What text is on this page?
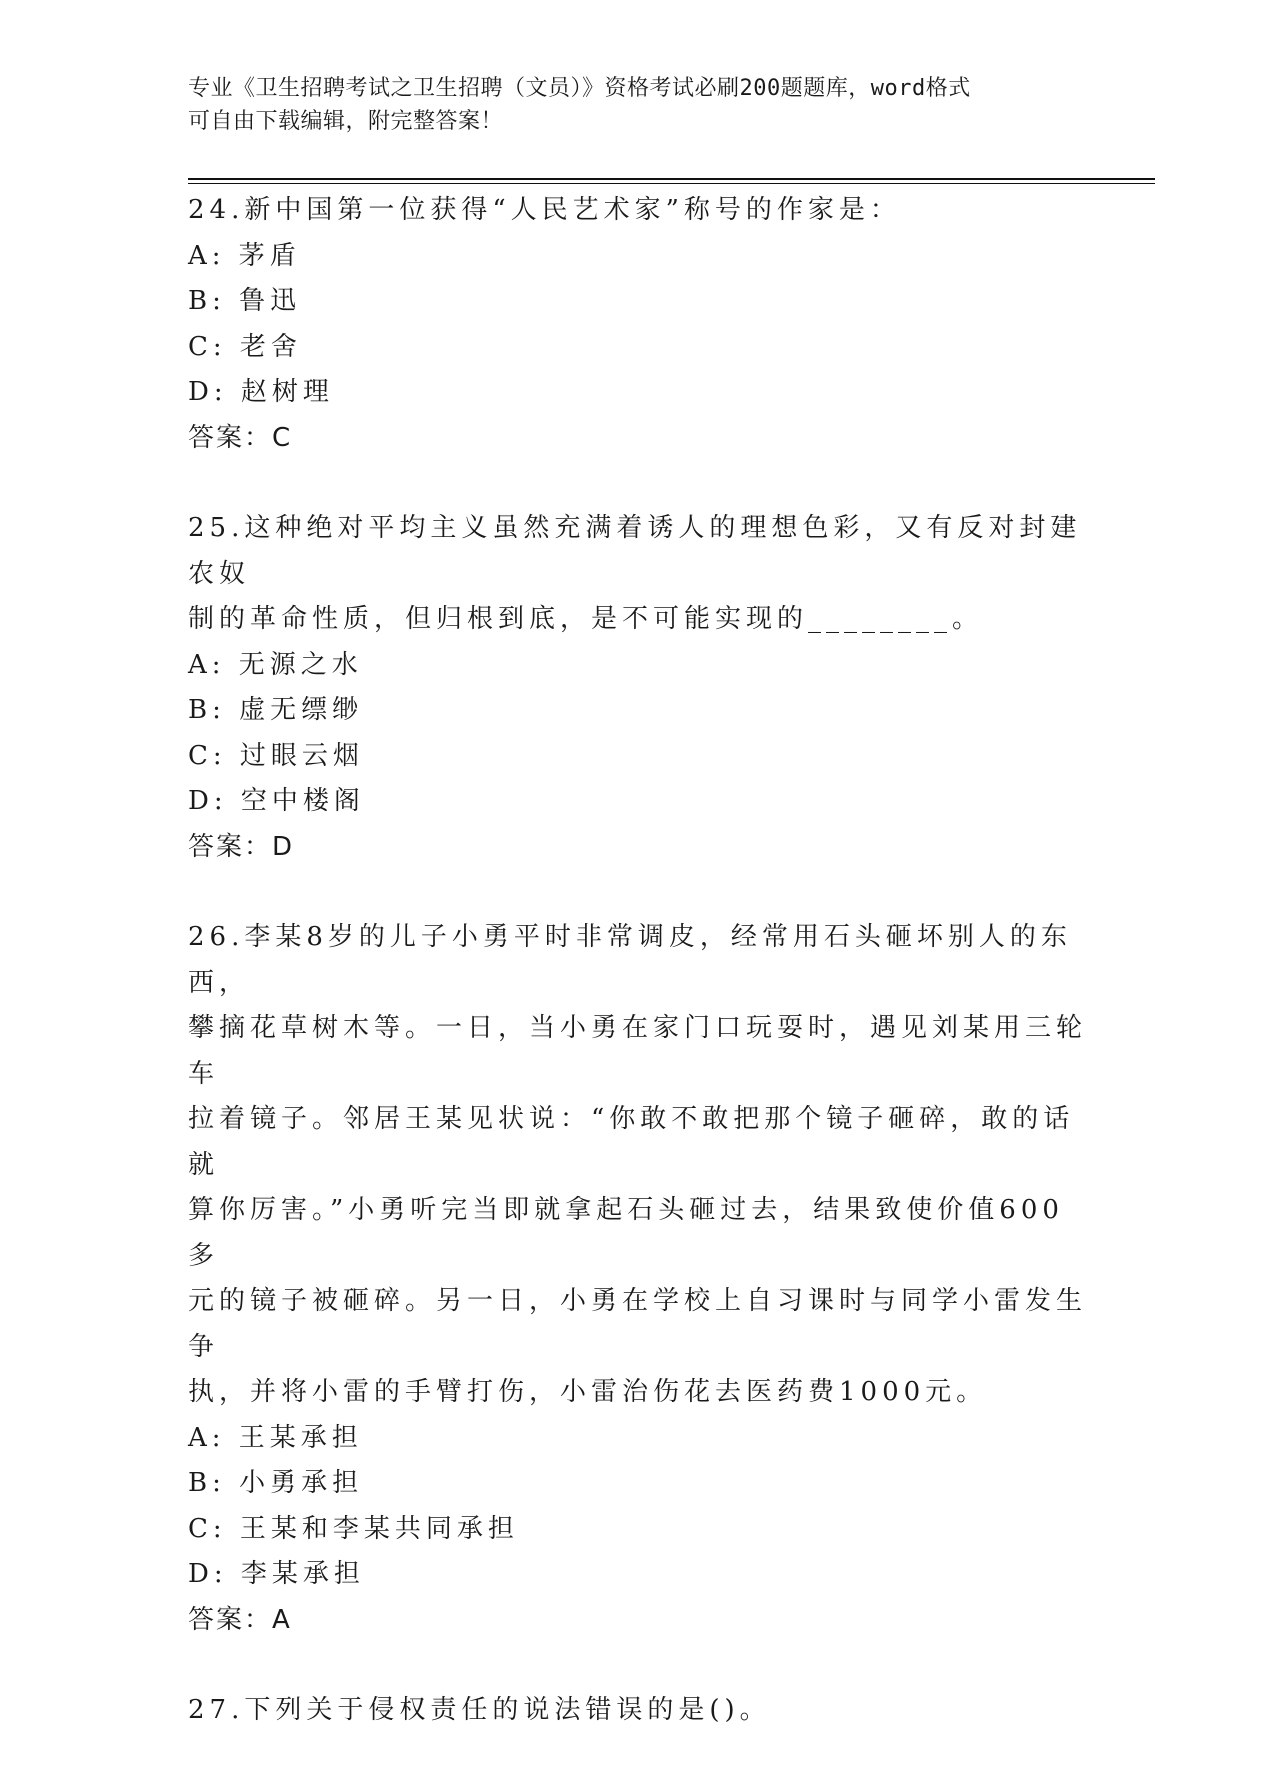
专业《卫生招聘考试之卫生招聘（文员）》资格考试必刷200题题库，word格式
可自由下载编辑，附完整答案！
24.新中国第一位获得“人民艺术家”称号的作家是：
A: 茅盾
B: 鲁迅
C: 老舍
D: 赵树理
答案：C
25.这种绝对平均主义虽然充满着诱人的理想色彩，又有反对封建农奴
制的革命性质，但归根到底，是不可能实现的________。
A: 无源之水
B: 虚无缥缈
C: 过眼云烟
D: 空中楼阁
答案：D
26.李某8岁的儿子小勇平时非常调皮，经常用石头砸坏别人的东西，
攀摘花草树木等。一日，当小勇在家门口玩耍时，遇见刘某用三轮车
拉着镜子。邻居王某见状说：“你敢不敢把那个镜子砸碎，敢的话就
算你厉害。”小勇听完当即就拿起石头砸过去，结果致使价值600多
元的镜子被砸碎。另一日，小勇在学校上自习课时与同学小雷发生争
执，并将小雷的手臂打伤，小雷治伤花去医药费1000元。
A: 王某承担
B: 小勇承担
C: 王某和李某共同承担
D: 李某承担
答案：A
27.下列关于侵权责任的说法错误的是()。
